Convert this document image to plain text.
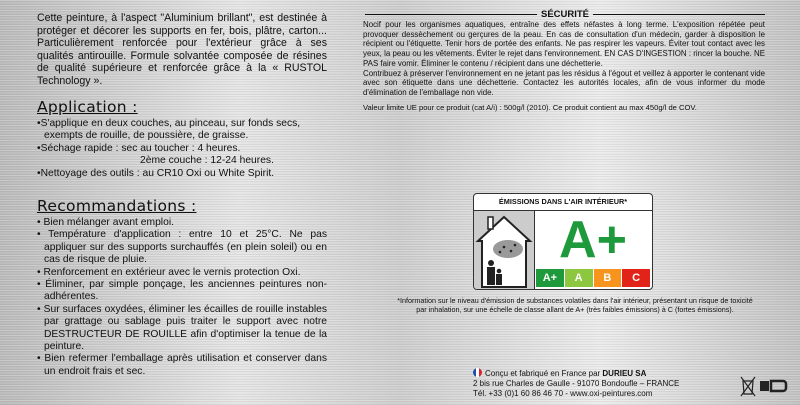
Cette peinture, à l'aspect "Aluminium brillant", est destinée à protéger et décorer les supports en fer, bois, plâtre, carton... Particulièrement renforcée pour l'extérieur grâce à ses qualités antirouille. Formule solvantée composée de résines de qualité supérieure et renforcée grâce à la « RUSTOL Technology ».
Application :
•S'applique en deux couches, au pinceau, sur fonds secs, exempts de rouille, de poussière, de graisse.
•Séchage rapide : sec au toucher : 4 heures.
2ème couche : 12-24 heures.
•Nettoyage des outils : au CR10 Oxi ou White Spirit.
Recommandations :
• Bien mélanger avant emploi.
• Température d'application : entre 10 et 25°C. Ne pas appliquer sur des supports surchauffés (en plein soleil) ou en cas de risque de pluie.
• Renforcement en extérieur avec le vernis protection Oxi.
• Éliminer, par simple ponçage, les anciennes peintures non-adhérentes.
• Sur surfaces oxydées, éliminer les écailles de rouille instables par grattage ou sablage puis traiter le support avec notre DESTRUCTEUR DE ROUILLE afin d'optimiser la tenue de la peinture.
• Bien refermer l'emballage après utilisation et conserver dans un endroit frais et sec.
SÉCURITÉ
Nocif pour les organismes aquatiques, entraîne des effets néfastes à long terme. L'exposition répétée peut provoquer dessèchement ou gerçures de la peau. En cas de consultation d'un médecin, garder à disposition le récipient ou l'étiquette. Tenir hors de portée des enfants. Ne pas respirer les vapeurs. Éviter tout contact avec les yeux, la peau ou les vêtements. Éviter le rejet dans l'environnement. EN CAS D'INGESTION : rincer la bouche. NE PAS faire vomir. Éliminer le contenu / récipient dans une déchetterie.
Contribuez à préserver l'environnement en ne jetant pas les résidus à l'égout et veillez à apporter le contenant vide avec son étiquette dans une déchetterie. Contactez les autorités locales, afin de vous informer du mode d'élimination de l'emballage non vide.
Valeur limite UE pour ce produit (cat A/i) : 500g/l (2010). Ce produit contient au max 450g/l de COV.
ÉMISSIONS DANS L'AIR INTÉRIEUR*
A+
A+	A	B	C
*Information sur le niveau d'émission de substances volatiles dans l'air intérieur, présentant un risque de toxicité par inhalation, sur une échelle de classe allant de A+ (très faibles émissions) à C (fortes émissions).
Conçu et fabriqué en France par DURIEU SA
2 bis rue Charles de Gaulle - 91070 Bondoufle – FRANCE
Tél. +33 (0)1 60 86 46 70 - www.oxi-peintures.com
